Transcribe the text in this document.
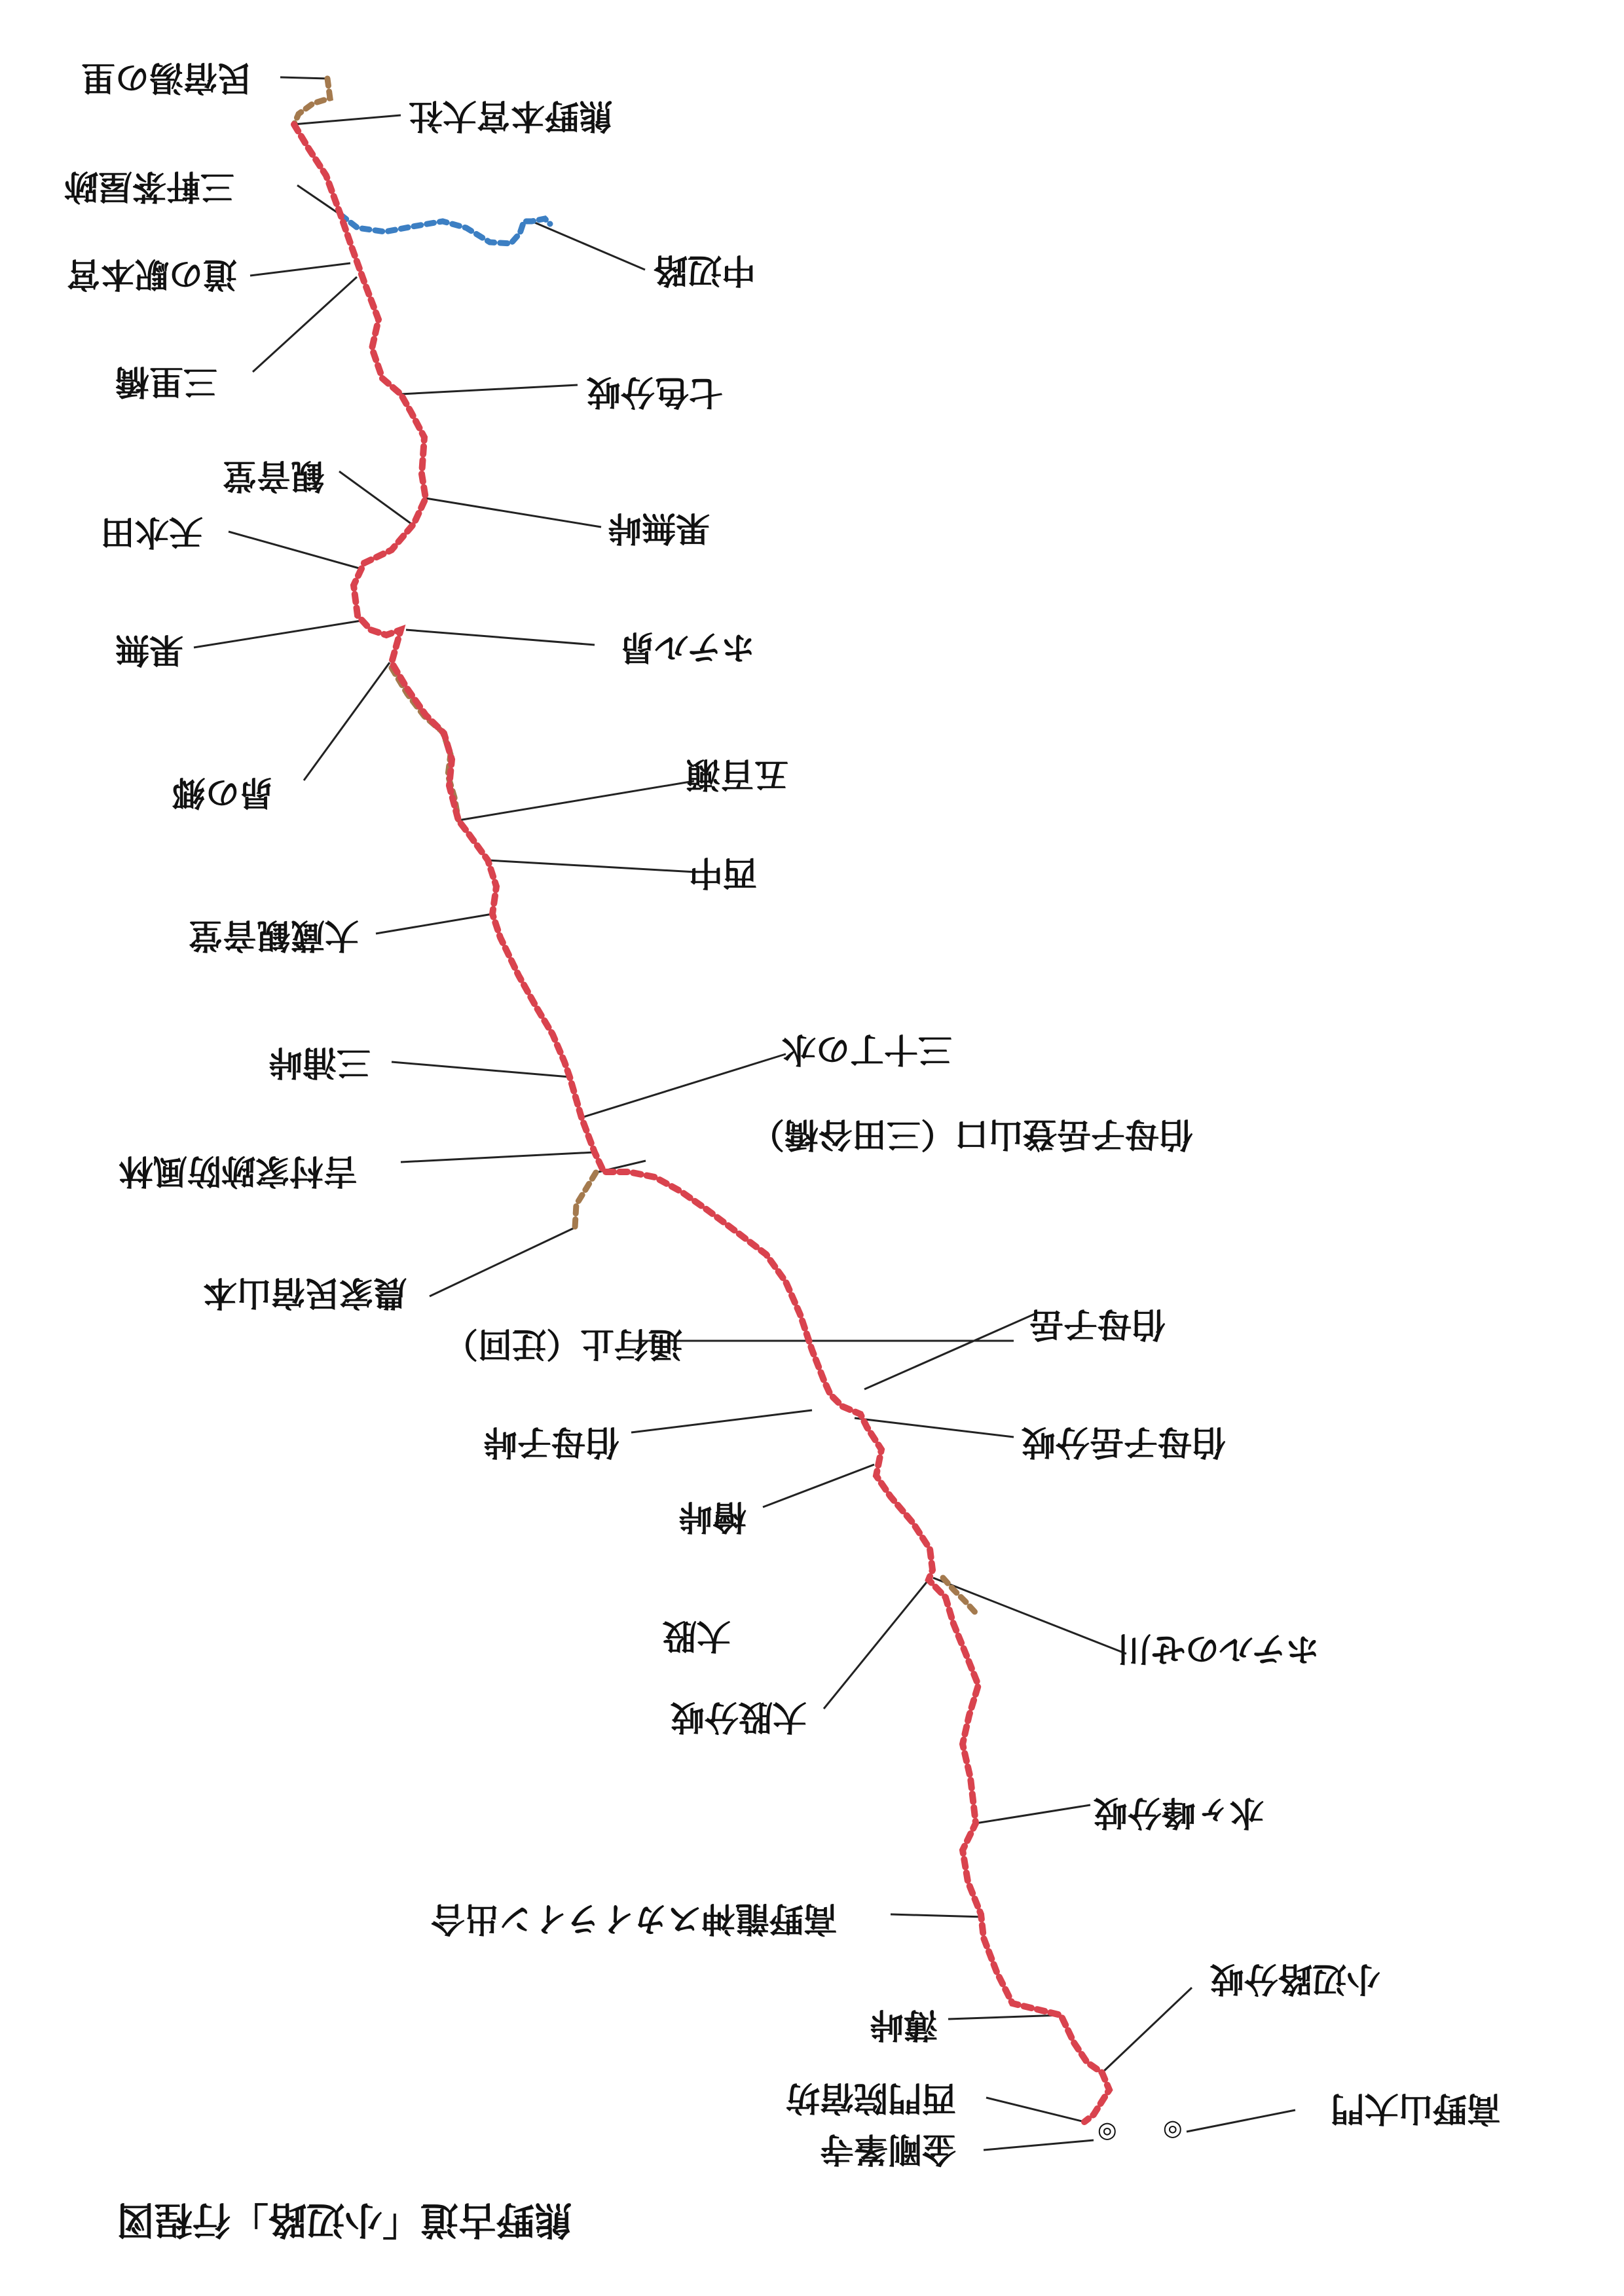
◎ ◎
熊野古道「小辺路」行程図
民宿湯の里
熊野本宮大社
三軒茶屋跡
中辺路
道の駅本宮
三里橋	七色分岐
観音堂
果無峠
天水田
果無	ホテル昴
昴の郷	五百瀬
西中
大蔵観音堂
三浦峠	三十丁の水
伯母子岳登山口（三田谷橋）
吉村家跡防風林
農家民宿山本
通行止（迂回）	伯母子岳
伯母子峠	伯母子岳分岐
檜峠
大股	ホテルのせ川
大股分岐
水ヶ峰分岐
高野龍神スカイライン出合
小辺路分岐
薄峠
西門院宿坊	高野山大門
金剛峯寺
